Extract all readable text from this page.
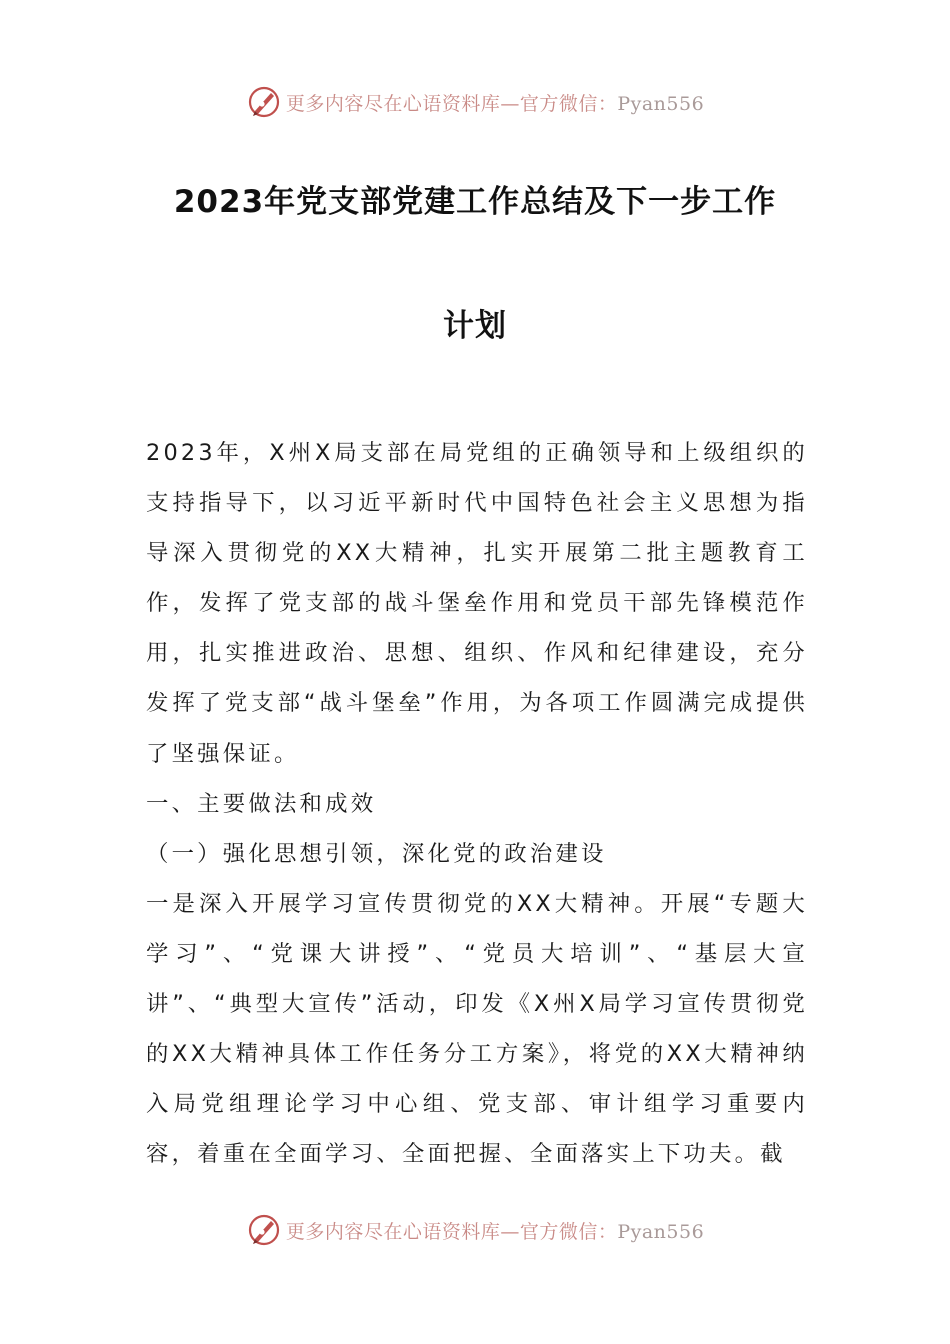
更多内容尽在心语资料库—官方微信：Pyan556
2023年党支部党建工作总结及下一步工作
计划

2023年，X州X局支部在局党组的正确领导和上级组织的支持指导下，以习近平新时代中国特色社会主义思想为指导深入贯彻党的XX大精神，扎实开展第二批主题教育工作，发挥了党支部的战斗堡垒作用和党员干部先锋模范作用，扎实推进政治、思想、组织、作风和纪律建设，充分发挥了党支部“战斗堡垒”作用，为各项工作圆满完成提供了坚强保证。

一、主要做法和成效

（一）强化思想引领，深化党的政治建设

一是深入开展学习宣传贯彻党的XX大精神。开展“专题大学习”、“党课大讲授”、“党员大培训”、“基层大宣讲”、“典型大宣传”活动，印发《X州X局学习宣传贯彻党的XX大精神具体工作任务分工方案》，将党的XX大精神纳入局党组理论学习中心组、党支部、审计组学习重要内容，着重在全面学习、全面把握、全面落实上下功夫。截

更多内容尽在心语资料库—官方微信：Pyan556
